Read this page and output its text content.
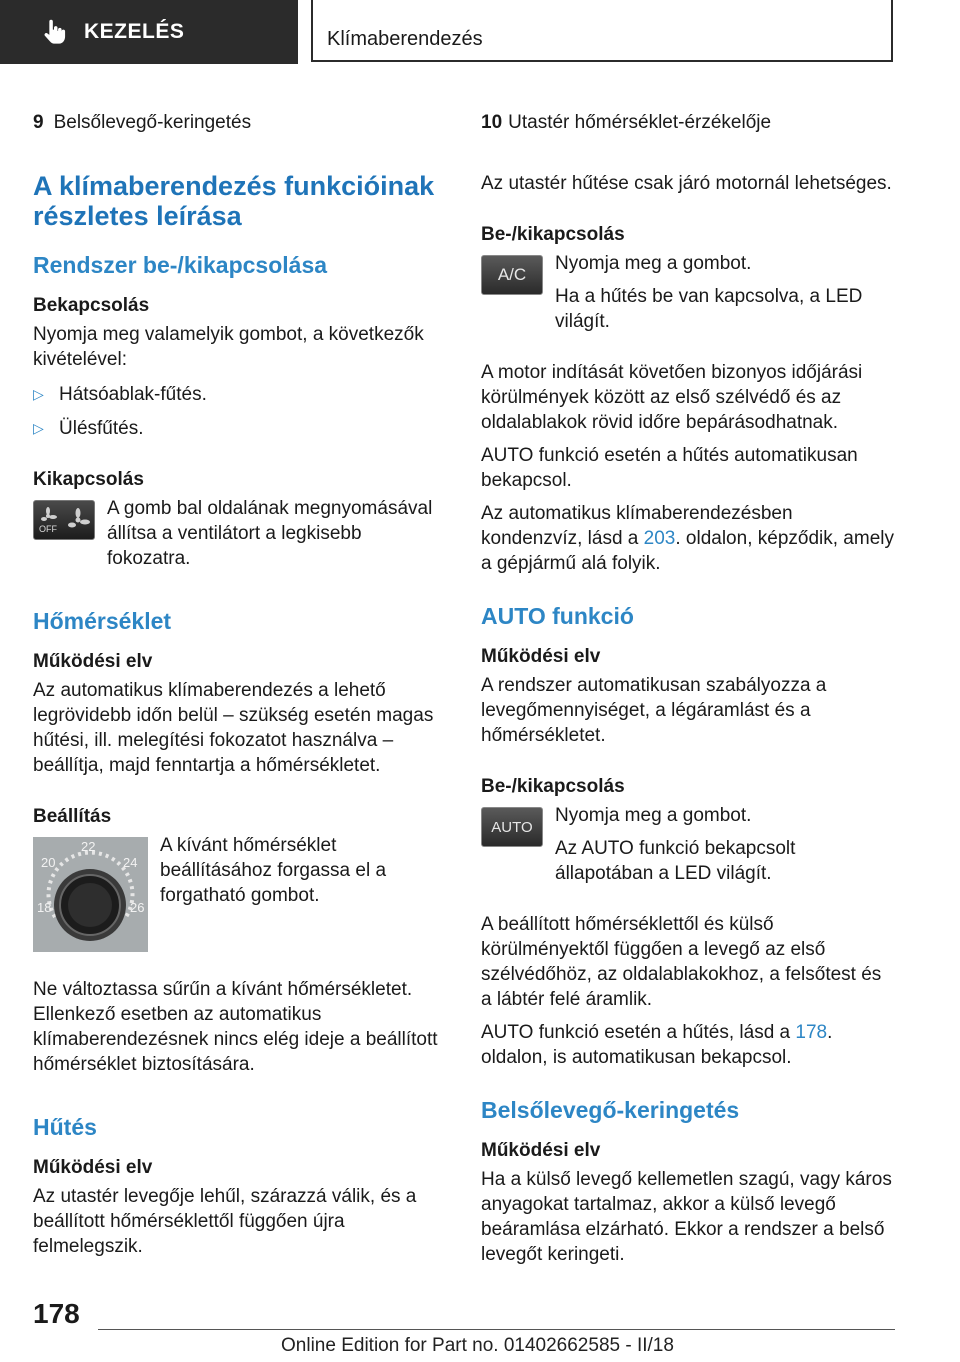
KEZELÉS	Klímaberendezés
9 Belsőlevegő-keringetés
A klímaberendezés funkcióinak részletes leírása
Rendszer be-/kikapcsolása
Bekapcsolás

Nyomja meg valamelyik gombot, a következők kivételével:

▷ Hátsóablak-fűtés.
▷ Ülésfűtés.
Kikapcsolás
OFF

A gomb bal oldalának megnyomásával állítsa a ventilátort a legkisebb fokozatra.

Hőmérséklet
Működési elv

Az automatikus klímaberendezés a lehető legrövidebb időn belül – szükség esetén magas hűtési, ill. melegítési fokozatot használva – beállítja, majd fenntartja a hőmérsékletet.

Beállítás
18
20
22
24
26

A kívánt hőmérséklet beállításához forgassa el a forgatható gombot.

Ne változtassa sűrűn a kívánt hőmérsékletet. Ellenkező esetben az automatikus klímaberendezésnek nincs elég ideje a beállított hőmérséklet biztosítására.

Hűtés
Működési elv

Az utastér levegője lehűl, szárazzá válik, és a beállított hőmérséklettől függően újra felmelegszik.

10 Utastér hőmérséklet-érzékelője

Az utastér hűtése csak járó motornál lehetséges.

Be-/kikapcsolás
A/C

Nyomja meg a gombot.

Ha a hűtés be van kapcsolva, a LED világít.

A motor indítását követően bizonyos időjárási körülmények között az első szélvédő és az oldalablakok rövid időre bepárásodhatnak.

AUTO funkció esetén a hűtés automatikusan bekapcsol.

Az automatikus klímaberendezésben kondenzvíz, lásd a 203. oldalon, képződik, amely a gépjármű alá folyik.

AUTO funkció
Működési elv

A rendszer automatikusan szabályozza a levegőmennyiséget, a légáramlást és a hőmérsékletet.

Be-/kikapcsolás
AUTO

Nyomja meg a gombot.

Az AUTO funkció bekapcsolt állapotában a LED világít.

A beállított hőmérséklettől és külső körülményektől függően a levegő az első szélvédőhöz, az oldalablakokhoz, a felsőtest és a lábtér felé áramlik.

AUTO funkció esetén a hűtés, lásd a 178. oldalon, is automatikusan bekapcsol.

Belsőlevegő-keringetés
Működési elv

Ha a külső levegő kellemetlen szagú, vagy káros anyagokat tartalmaz, akkor a külső levegő beáramlása elzárható. Ekkor a rendszer a belső levegőt keringeti.

178
Online Edition for Part no. 01402662585 - II/18
